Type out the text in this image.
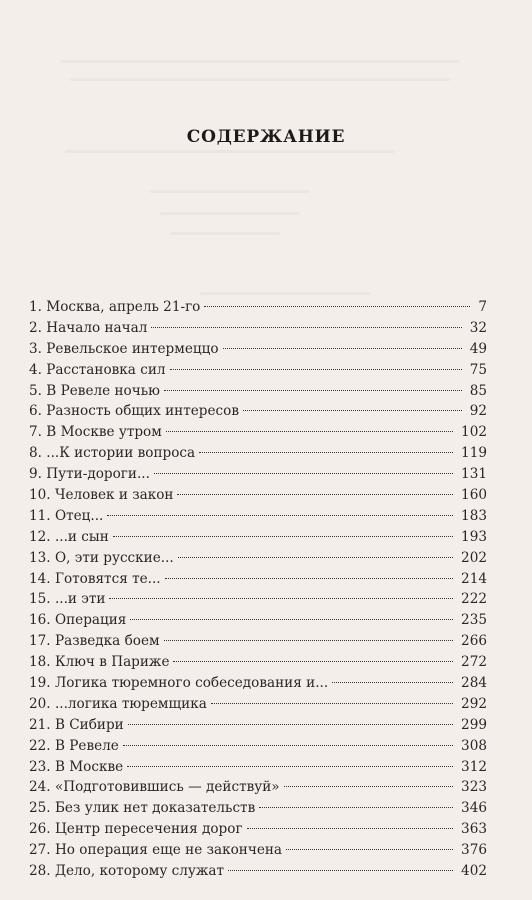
СОДЕРЖАНИЕ
1. Москва, апрель 21-го	7
2. Начало начал	32
3. Ревельское интермеццо	49
4. Расстановка сил	75
5. В Ревеле ночью	85
6. Разность общих интересов	92
7. В Москве утром	102
8. ...К истории вопроса	119
9. Пути-дороги...	131
10. Человек и закон	160
11. Отец...	183
12. ...и сын	193
13. О, эти русские...	202
14. Готовятся те...	214
15. ...и эти	222
16. Операция	235
17. Разведка боем	266
18. Ключ в Париже	272
19. Логика тюремного собеседования и...	284
20. ...логика тюремщика	292
21. В Сибири	299
22. В Ревеле	308
23. В Москве	312
24. «Подготовившись — действуй»	323
25. Без улик нет доказательств	346
26. Центр пересечения дорог	363
27. Но операция еще не закончена	376
28. Дело, которому служат	402
